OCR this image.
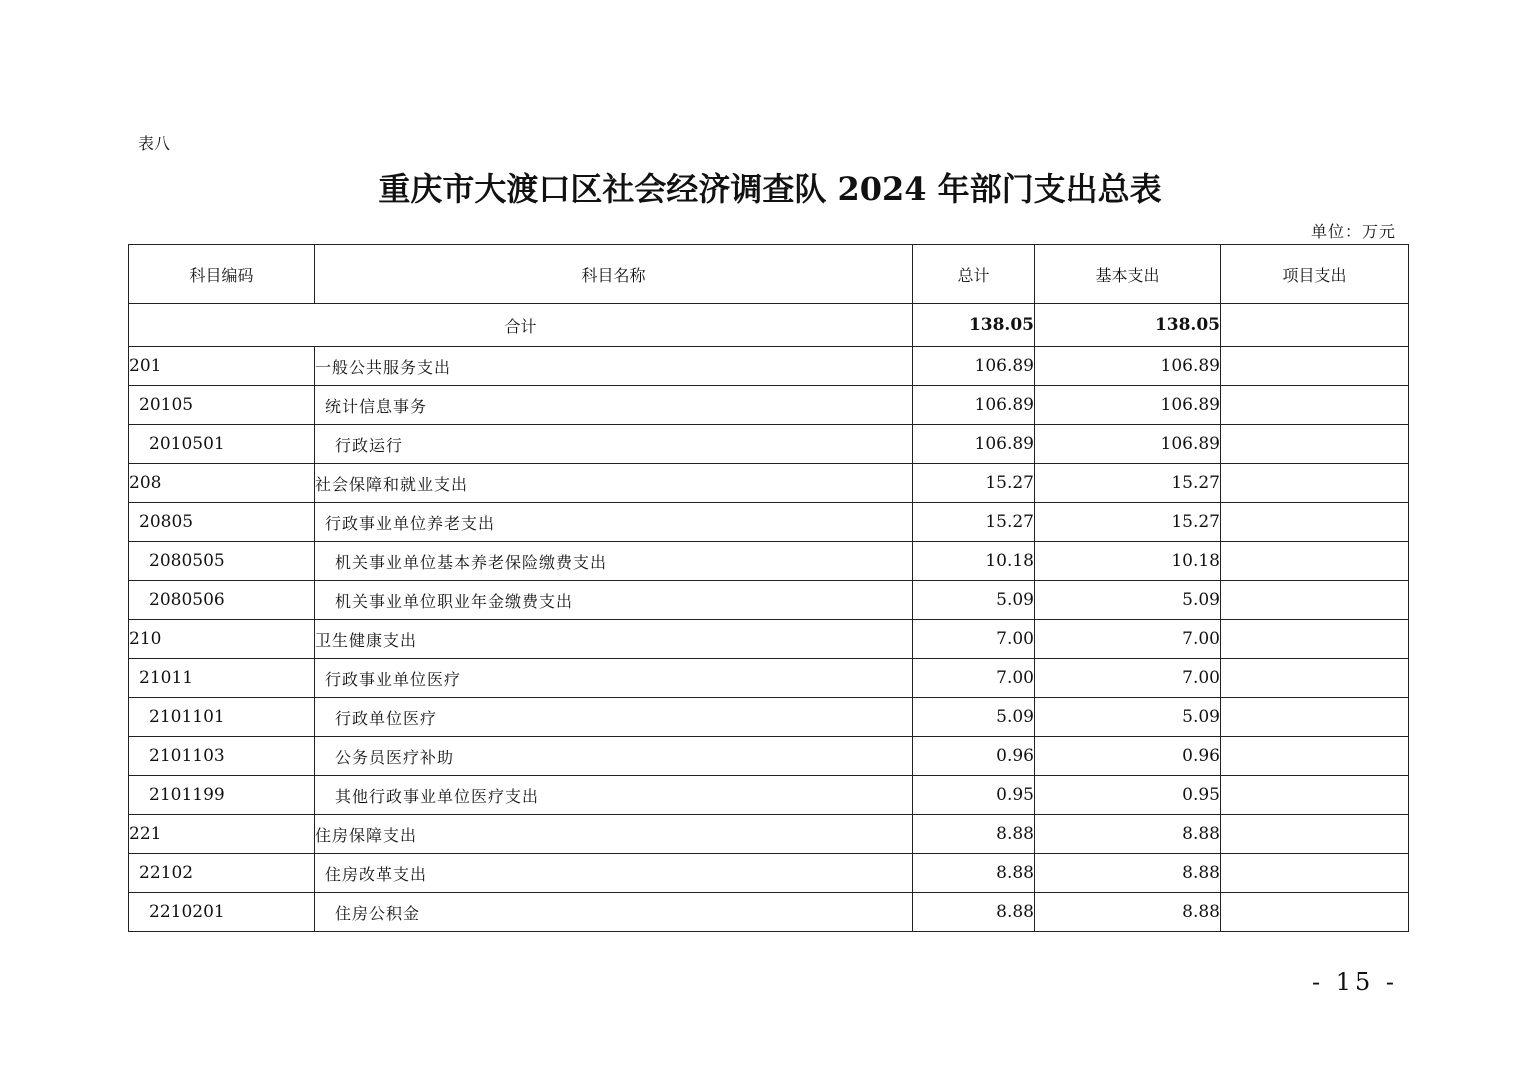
表八
重庆市大渡口区社会经济调查队 2024 年部门支出总表
单位：万元
科目编码	科目名称	总计	基本支出	项目支出
合计		138.05	138.05	
201	一般公共服务支出	106.89	106.89	
20105	统计信息事务	106.89	106.89	
2010501	行政运行	106.89	106.89	
208	社会保障和就业支出	15.27	15.27	
20805	行政事业单位养老支出	15.27	15.27	
2080505	机关事业单位基本养老保险缴费支出	10.18	10.18	
2080506	机关事业单位职业年金缴费支出	5.09	5.09	
210	卫生健康支出	7.00	7.00	
21011	行政事业单位医疗	7.00	7.00	
2101101	行政单位医疗	5.09	5.09	
2101103	公务员医疗补助	0.96	0.96	
2101199	其他行政事业单位医疗支出	0.95	0.95	
221	住房保障支出	8.88	8.88	
22102	住房改革支出	8.88	8.88	
2210201	住房公积金	8.88	8.88	
- 15 -
